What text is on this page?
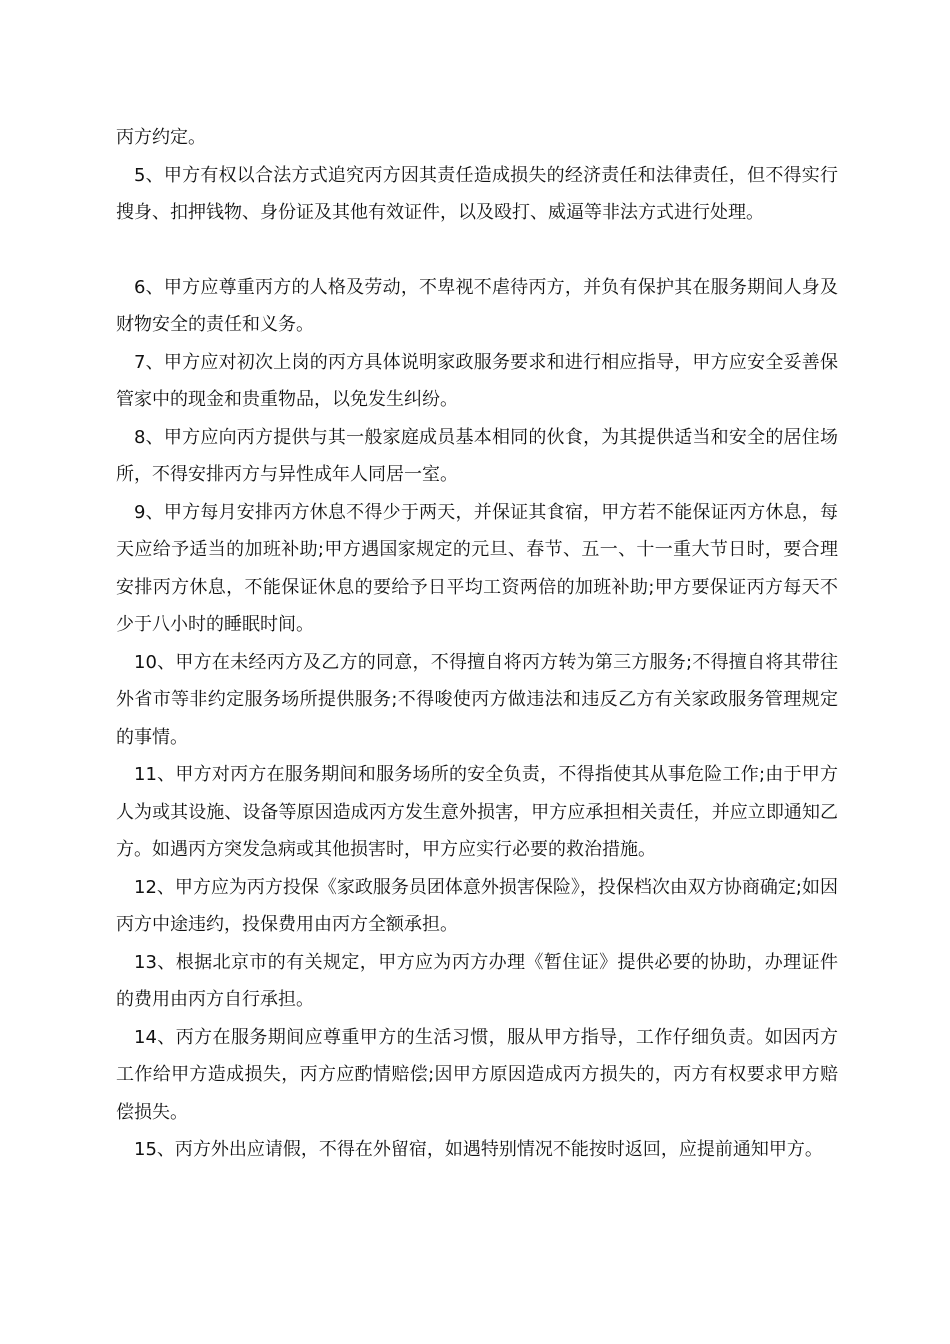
丙方约定。

5、甲方有权以合法方式追究丙方因其责任造成损失的经济责任和法律责任，但不得实行搜身、扣押钱物、身份证及其他有效证件，以及殴打、威逼等非法方式进行处理。

6、甲方应尊重丙方的人格及劳动，不卑视不虐待丙方，并负有保护其在服务期间人身及财物安全的责任和义务。

7、甲方应对初次上岗的丙方具体说明家政服务要求和进行相应指导，甲方应安全妥善保管家中的现金和贵重物品，以免发生纠纷。

8、甲方应向丙方提供与其一般家庭成员基本相同的伙食，为其提供适当和安全的居住场所，不得安排丙方与异性成年人同居一室。

9、甲方每月安排丙方休息不得少于两天，并保证其食宿，甲方若不能保证丙方休息，每天应给予适当的加班补助;甲方遇国家规定的元旦、春节、五一、十一重大节日时，要合理安排丙方休息，不能保证休息的要给予日平均工资两倍的加班补助;甲方要保证丙方每天不少于八小时的睡眠时间。

10、甲方在未经丙方及乙方的同意，不得擅自将丙方转为第三方服务;不得擅自将其带往外省市等非约定服务场所提供服务;不得唆使丙方做违法和违反乙方有关家政服务管理规定的事情。

11、甲方对丙方在服务期间和服务场所的安全负责，不得指使其从事危险工作;由于甲方人为或其设施、设备等原因造成丙方发生意外损害，甲方应承担相关责任，并应立即通知乙方。如遇丙方突发急病或其他损害时，甲方应实行必要的救治措施。

12、甲方应为丙方投保《家政服务员团体意外损害保险》，投保档次由双方协商确定;如因丙方中途违约，投保费用由丙方全额承担。

13、根据北京市的有关规定，甲方应为丙方办理《暂住证》提供必要的协助，办理证件的费用由丙方自行承担。

14、丙方在服务期间应尊重甲方的生活习惯，服从甲方指导，工作仔细负责。如因丙方工作给甲方造成损失，丙方应酌情赔偿;因甲方原因造成丙方损失的，丙方有权要求甲方赔偿损失。

15、丙方外出应请假，不得在外留宿，如遇特别情况不能按时返回，应提前通知甲方。
